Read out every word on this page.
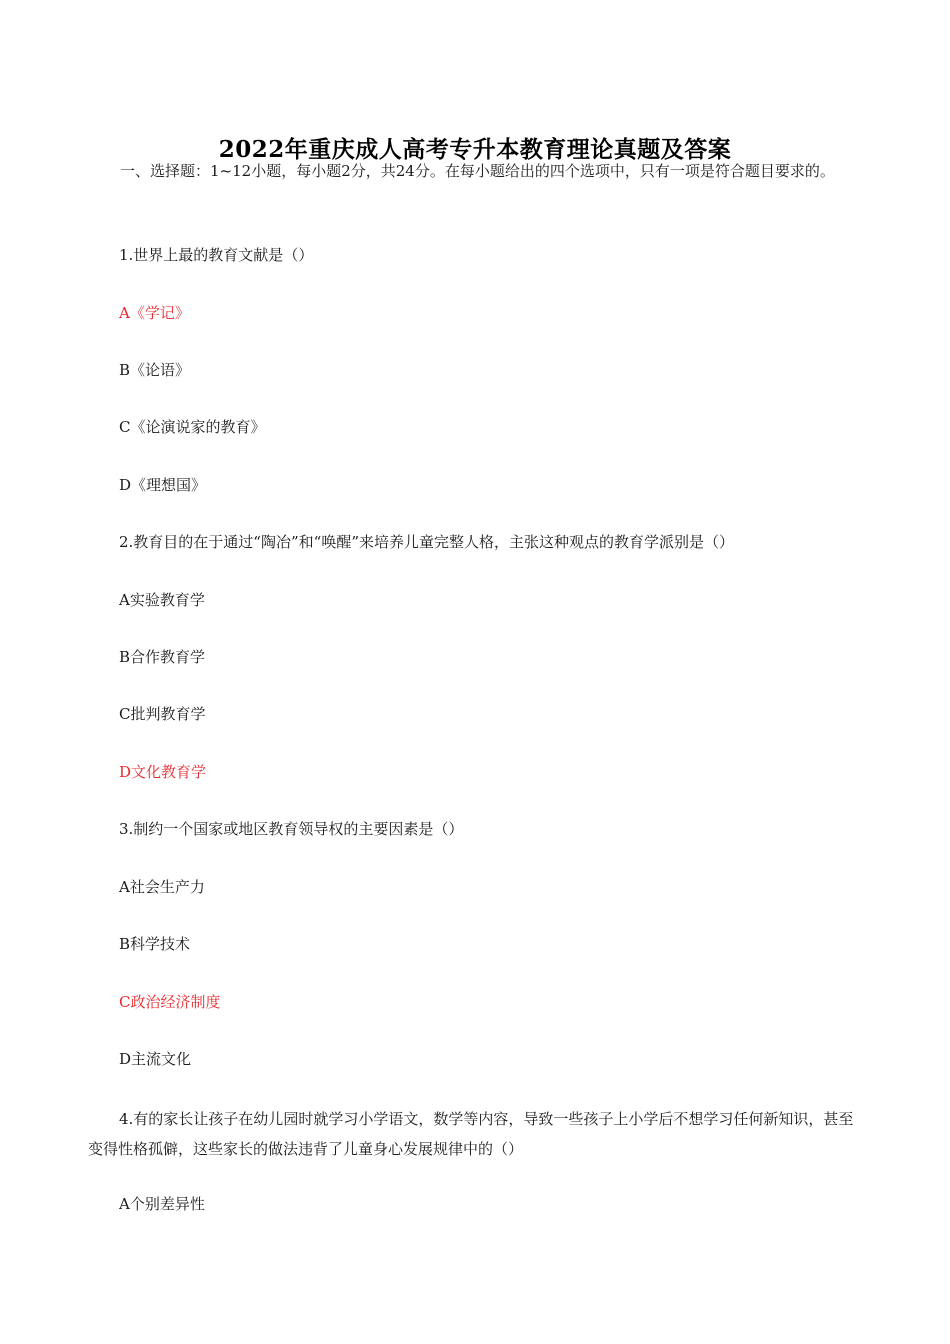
2022年重庆成人高考专升本教育理论真题及答案

一、选择题：1~12小题，每小题2分，共24分。在每小题给出的四个选项中，只有一项是符合题目要求的。

1.世界上最的教育文献是（）

A《学记》

B《论语》

C《论演说家的教育》

D《理想国》

2.教育目的在于通过“陶冶”和“唤醒”来培养儿童完整人格，主张这种观点的教育学派别是（）

A实验教育学

B合作教育学

C批判教育学

D文化教育学

3.制约一个国家或地区教育领导权的主要因素是（）

A社会生产力

B科学技术

C政治经济制度

D主流文化

4.有的家长让孩子在幼儿园时就学习小学语文，数学等内容，导致一些孩子上小学后不想学习任何新知识，甚至变得性格孤僻，这些家长的做法违背了儿童身心发展规律中的（）

A个别差异性
